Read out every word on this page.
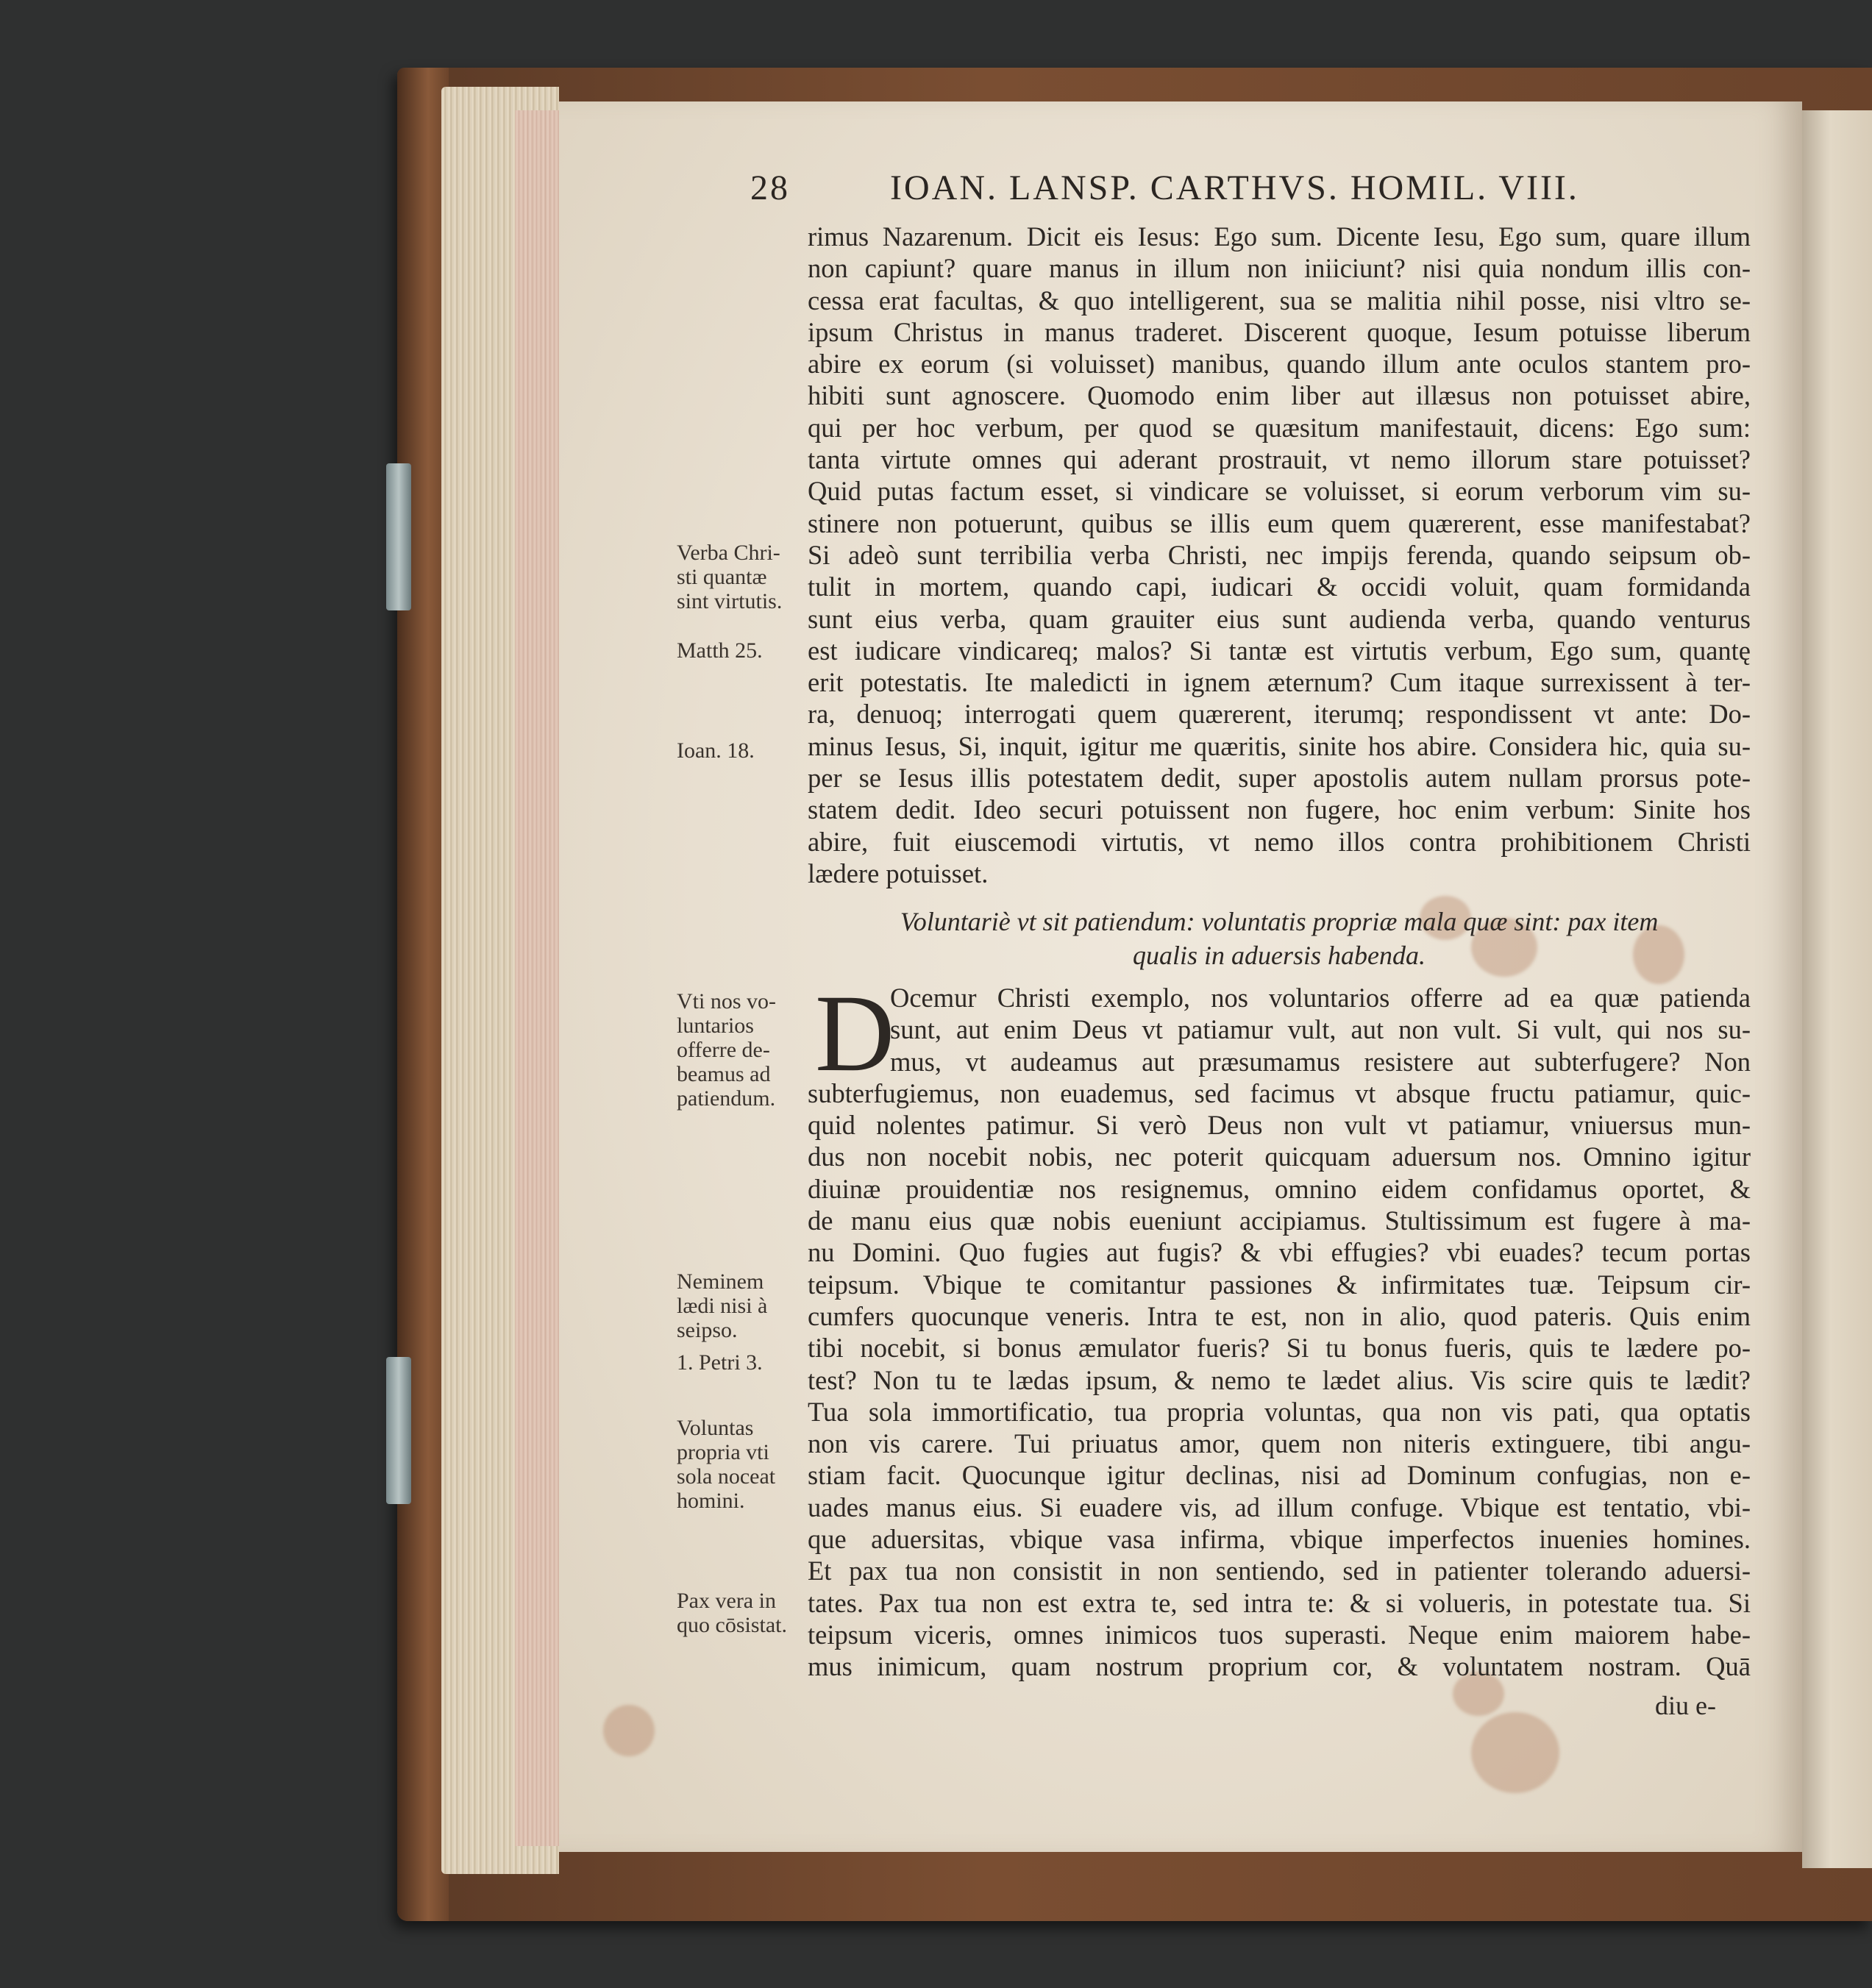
28	IOAN. LANSP. CARTHVS. HOMIL. VIII.
rimus Nazarenum. Dicit eis Iesus: Ego sum. Dicente Iesu, Ego sum, quare illum
non capiunt? quare manus in illum non iniiciunt? nisi quia nondum illis con-
cessa erat facultas, & quo intelligerent, sua se malitia nihil posse, nisi vltro se-
ipsum Christus in manus traderet. Discerent quoque, Iesum potuisse liberum
abire ex eorum (si voluisset) manibus, quando illum ante oculos stantem pro-
hibiti sunt agnoscere. Quomodo enim liber aut illæsus non potuisset abire,
qui per hoc verbum, per quod se quæsitum manifestauit, dicens: Ego sum:
tanta virtute omnes qui aderant prostrauit, vt nemo illorum stare potuisset?
Quid putas factum esset, si vindicare se voluisset, si eorum verborum vim su-
stinere non potuerunt, quibus se illis eum quem quærerent, esse manifestabat?
Si adeò sunt terribilia verba Christi, nec impijs ferenda, quando seipsum ob-
tulit in mortem, quando capi, iudicari & occidi voluit, quam formidanda
sunt eius verba, quam grauiter eius sunt audienda verba, quando venturus
est iudicare vindicareq; malos? Si tantæ est virtutis verbum, Ego sum, quantę
erit potestatis. Ite maledicti in ignem æternum? Cum itaque surrexissent à ter-
ra, denuoq; interrogati quem quærerent, iterumq; respondissent vt ante: Do-
minus Iesus, Si, inquit, igitur me quæritis, sinite hos abire. Considera hic, quia su-
per se Iesus illis potestatem dedit, super apostolis autem nullam prorsus pote-
statem dedit. Ideo securi potuissent non fugere, hoc enim verbum: Sinite hos
abire, fuit eiuscemodi virtutis, vt nemo illos contra prohibitionem Christi
lædere potuisset.
Voluntariè vt sit patiendum: voluntatis propriæ mala quæ sint: pax item
qualis in aduersis habenda.
D
Ocemur Christi exemplo, nos voluntarios offerre ad ea quæ patienda
sunt, aut enim Deus vt patiamur vult, aut non vult. Si vult, qui nos su-
mus, vt audeamus aut præsumamus resistere aut subterfugere? Non
subterfugiemus, non euademus, sed facimus vt absque fructu patiamur, quic-
quid nolentes patimur. Si verò Deus non vult vt patiamur, vniuersus mun-
dus non nocebit nobis, nec poterit quicquam aduersum nos. Omnino igitur
diuinæ prouidentiæ nos resignemus, omnino eidem confidamus oportet, &
de manu eius quæ nobis eueniunt accipiamus. Stultissimum est fugere à ma-
nu Domini. Quo fugies aut fugis? & vbi effugies? vbi euades? tecum portas
teipsum. Vbique te comitantur passiones & infirmitates tuæ. Teipsum cir-
cumfers quocunque veneris. Intra te est, non in alio, quod pateris. Quis enim
tibi nocebit, si bonus æmulator fueris? Si tu bonus fueris, quis te lædere po-
test? Non tu te lædas ipsum, & nemo te lædet alius. Vis scire quis te lædit?
Tua sola immortificatio, tua propria voluntas, qua non vis pati, qua optatis
non vis carere. Tui priuatus amor, quem non niteris extinguere, tibi angu-
stiam facit. Quocunque igitur declinas, nisi ad Dominum confugias, non e-
uades manus eius. Si euadere vis, ad illum confuge. Vbique est tentatio, vbi-
que aduersitas, vbique vasa infirma, vbique imperfectos inuenies homines.
Et pax tua non consistit in non sentiendo, sed in patienter tolerando aduersi-
tates. Pax tua non est extra te, sed intra te: & si volueris, in potestate tua. Si
teipsum viceris, omnes inimicos tuos superasti. Neque enim maiorem habe-
mus inimicum, quam nostrum proprium cor, & voluntatem nostram. Quā
diu e-
Verba Chri-
sti quantæ
sint virtutis.
Matth 25.
Ioan. 18.
Vti nos vo-
luntarios
offerre de-
beamus ad
patiendum.
Neminem
lædi nisi à
seipso.
1. Petri 3.
Voluntas
propria vti
sola noceat
homini.
Pax vera in
quo cōsistat.
